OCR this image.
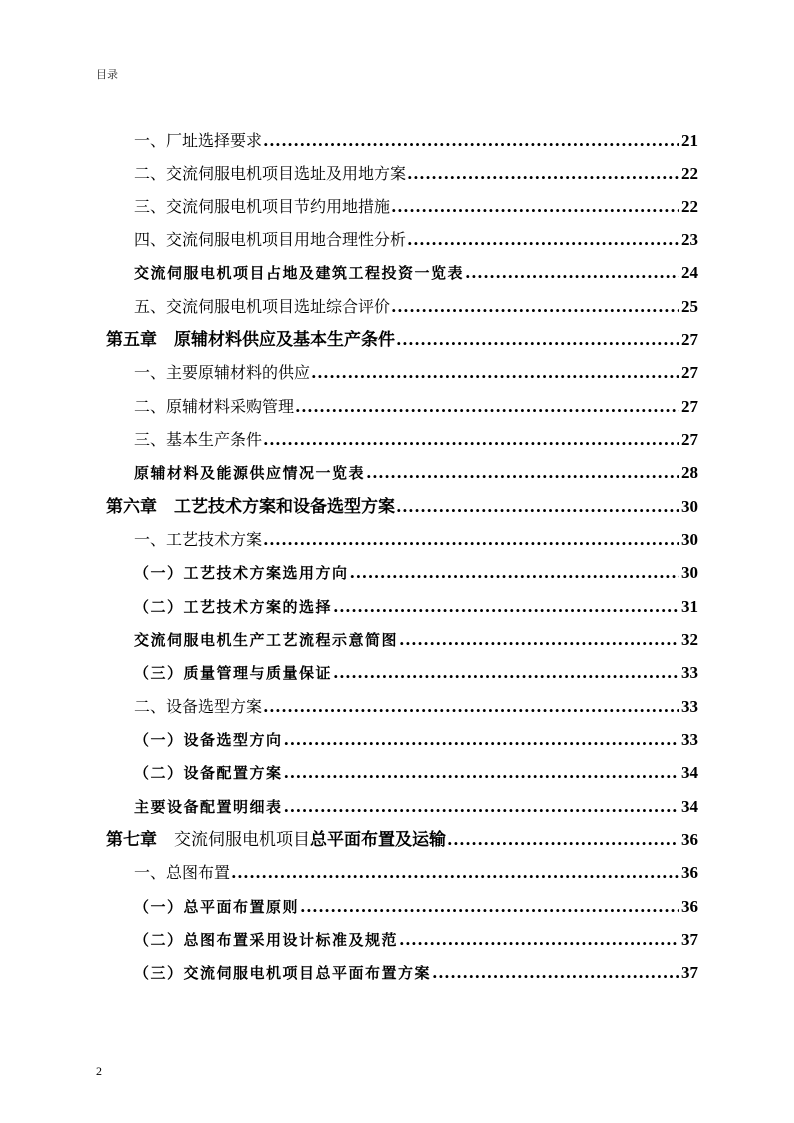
目录
一、厂址选择要求 .....	21
二、交流伺服电机项目选址及用地方案 .....	22
三、交流伺服电机项目节约用地措施 .....	22
四、交流伺服电机项目用地合理性分析 .....	23
交流伺服电机项目占地及建筑工程投资一览表 .....	24
五、交流伺服电机项目选址综合评价 .....	25
第五章　原辅材料供应及基本生产条件 .....	27
一、主要原辅材料的供应 .....	27
二、原辅材料采购管理 .....	27
三、基本生产条件 .....	27
原辅材料及能源供应情况一览表 .....	28
第六章　工艺技术方案和设备选型方案 .....	30
一、工艺技术方案 .....	30
（一）工艺技术方案选用方向 .....	30
（二）工艺技术方案的选择 .....	31
交流伺服电机生产工艺流程示意简图 .....	32
（三）质量管理与质量保证 .....	33
二、设备选型方案 .....	33
（一）设备选型方向 .....	33
（二）设备配置方案 .....	34
主要设备配置明细表 .....	34
第七章　交流伺服电机项目总平面布置及运输 .....	36
一、总图布置 .....	36
（一）总平面布置原则 .....	36
（二）总图布置采用设计标准及规范 .....	37
（三）交流伺服电机项目总平面布置方案 .....	37
2
